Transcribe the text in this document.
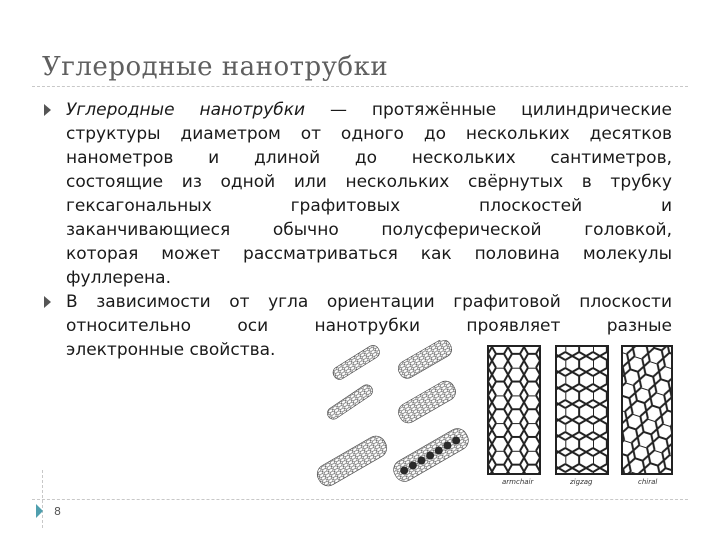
Углеродные нанотрубки
Углеродные нанотрубки — протяжённые цилиндрические
структуры диаметром от одного до нескольких десятков
нанометров и длиной до нескольких сантиметров,
состоящие из одной или нескольких свёрнутых в трубку
гексагональных графитовых плоскостей и
заканчивающиеся обычно полусферической головкой,
которая может рассматриваться как половина молекулы
фуллерена.
В зависимости от угла ориентации графитовой плоскости
относительно оси нанотрубки проявляет разные
электронные свойства.
armchair	zigzag	chiral
8
